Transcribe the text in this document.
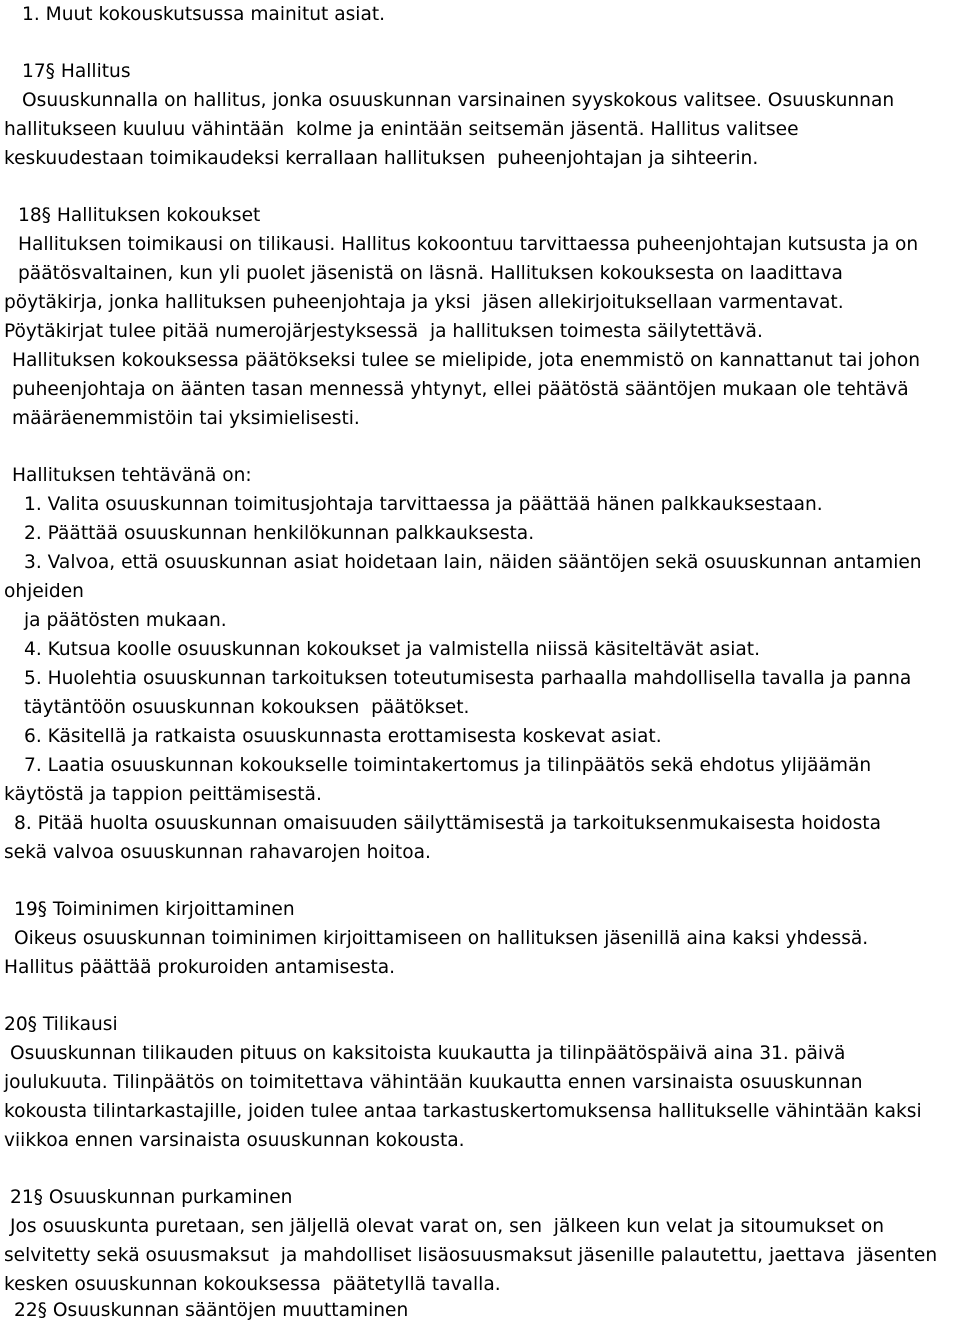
1. Muut kokouskutsussa mainitut asiat.
17§ Hallitus
Osuuskunnalla on hallitus, jonka osuuskunnan varsinainen syyskokous valitsee. Osuuskunnan
hallitukseen kuuluu vähintään  kolme ja enintään seitsemän jäsentä. Hallitus valitsee
keskuudestaan toimikaudeksi kerrallaan hallituksen  puheenjohtajan ja sihteerin.
18§ Hallituksen kokoukset
Hallituksen toimikausi on tilikausi. Hallitus kokoontuu tarvittaessa puheenjohtajan kutsusta ja on
päätösvaltainen, kun yli puolet jäsenistä on läsnä. Hallituksen kokouksesta on laadittava
pöytäkirja, jonka hallituksen puheenjohtaja ja yksi  jäsen allekirjoituksellaan varmentavat.
Pöytäkirjat tulee pitää numerojärjestyksessä  ja hallituksen toimesta säilytettävä.
Hallituksen kokouksessa päätökseksi tulee se mielipide, jota enemmistö on kannattanut tai johon
puheenjohtaja on äänten tasan mennessä yhtynyt, ellei päätöstä sääntöjen mukaan ole tehtävä
määräenemmistöin tai yksimielisesti.
Hallituksen tehtävänä on:
1. Valita osuuskunnan toimitusjohtaja tarvittaessa ja päättää hänen palkkauksestaan.
2. Päättää osuuskunnan henkilökunnan palkkauksesta.
3. Valvoa, että osuuskunnan asiat hoidetaan lain, näiden sääntöjen sekä osuuskunnan antamien
ohjeiden
ja päätösten mukaan.
4. Kutsua koolle osuuskunnan kokoukset ja valmistella niissä käsiteltävät asiat.
5. Huolehtia osuuskunnan tarkoituksen toteutumisesta parhaalla mahdollisella tavalla ja panna
täytäntöön osuuskunnan kokouksen  päätökset.
6. Käsitellä ja ratkaista osuuskunnasta erottamisesta koskevat asiat.
7. Laatia osuuskunnan kokoukselle toimintakertomus ja tilinpäätös sekä ehdotus ylijäämän
käytöstä ja tappion peittämisestä.
8. Pitää huolta osuuskunnan omaisuuden säilyttämisestä ja tarkoituksenmukaisesta hoidosta
sekä valvoa osuuskunnan rahavarojen hoitoa.
19§ Toiminimen kirjoittaminen
Oikeus osuuskunnan toiminimen kirjoittamiseen on hallituksen jäsenillä aina kaksi yhdessä.
Hallitus päättää prokuroiden antamisesta.
20§ Tilikausi
Osuuskunnan tilikauden pituus on kaksitoista kuukautta ja tilinpäätöspäivä aina 31. päivä
joulukuuta. Tilinpäätös on toimitettava vähintään kuukautta ennen varsinaista osuuskunnan
kokousta tilintarkastajille, joiden tulee antaa tarkastuskertomuksensa hallitukselle vähintään kaksi
viikkoa ennen varsinaista osuuskunnan kokousta.
21§ Osuuskunnan purkaminen
Jos osuuskunta puretaan, sen jäljellä olevat varat on, sen  jälkeen kun velat ja sitoumukset on
selvitetty sekä osuusmaksut  ja mahdolliset lisäosuusmaksut jäsenille palautettu, jaettava  jäsenten
kesken osuuskunnan kokouksessa  päätetyllä tavalla.
22§ Osuuskunnan sääntöjen muuttaminen
